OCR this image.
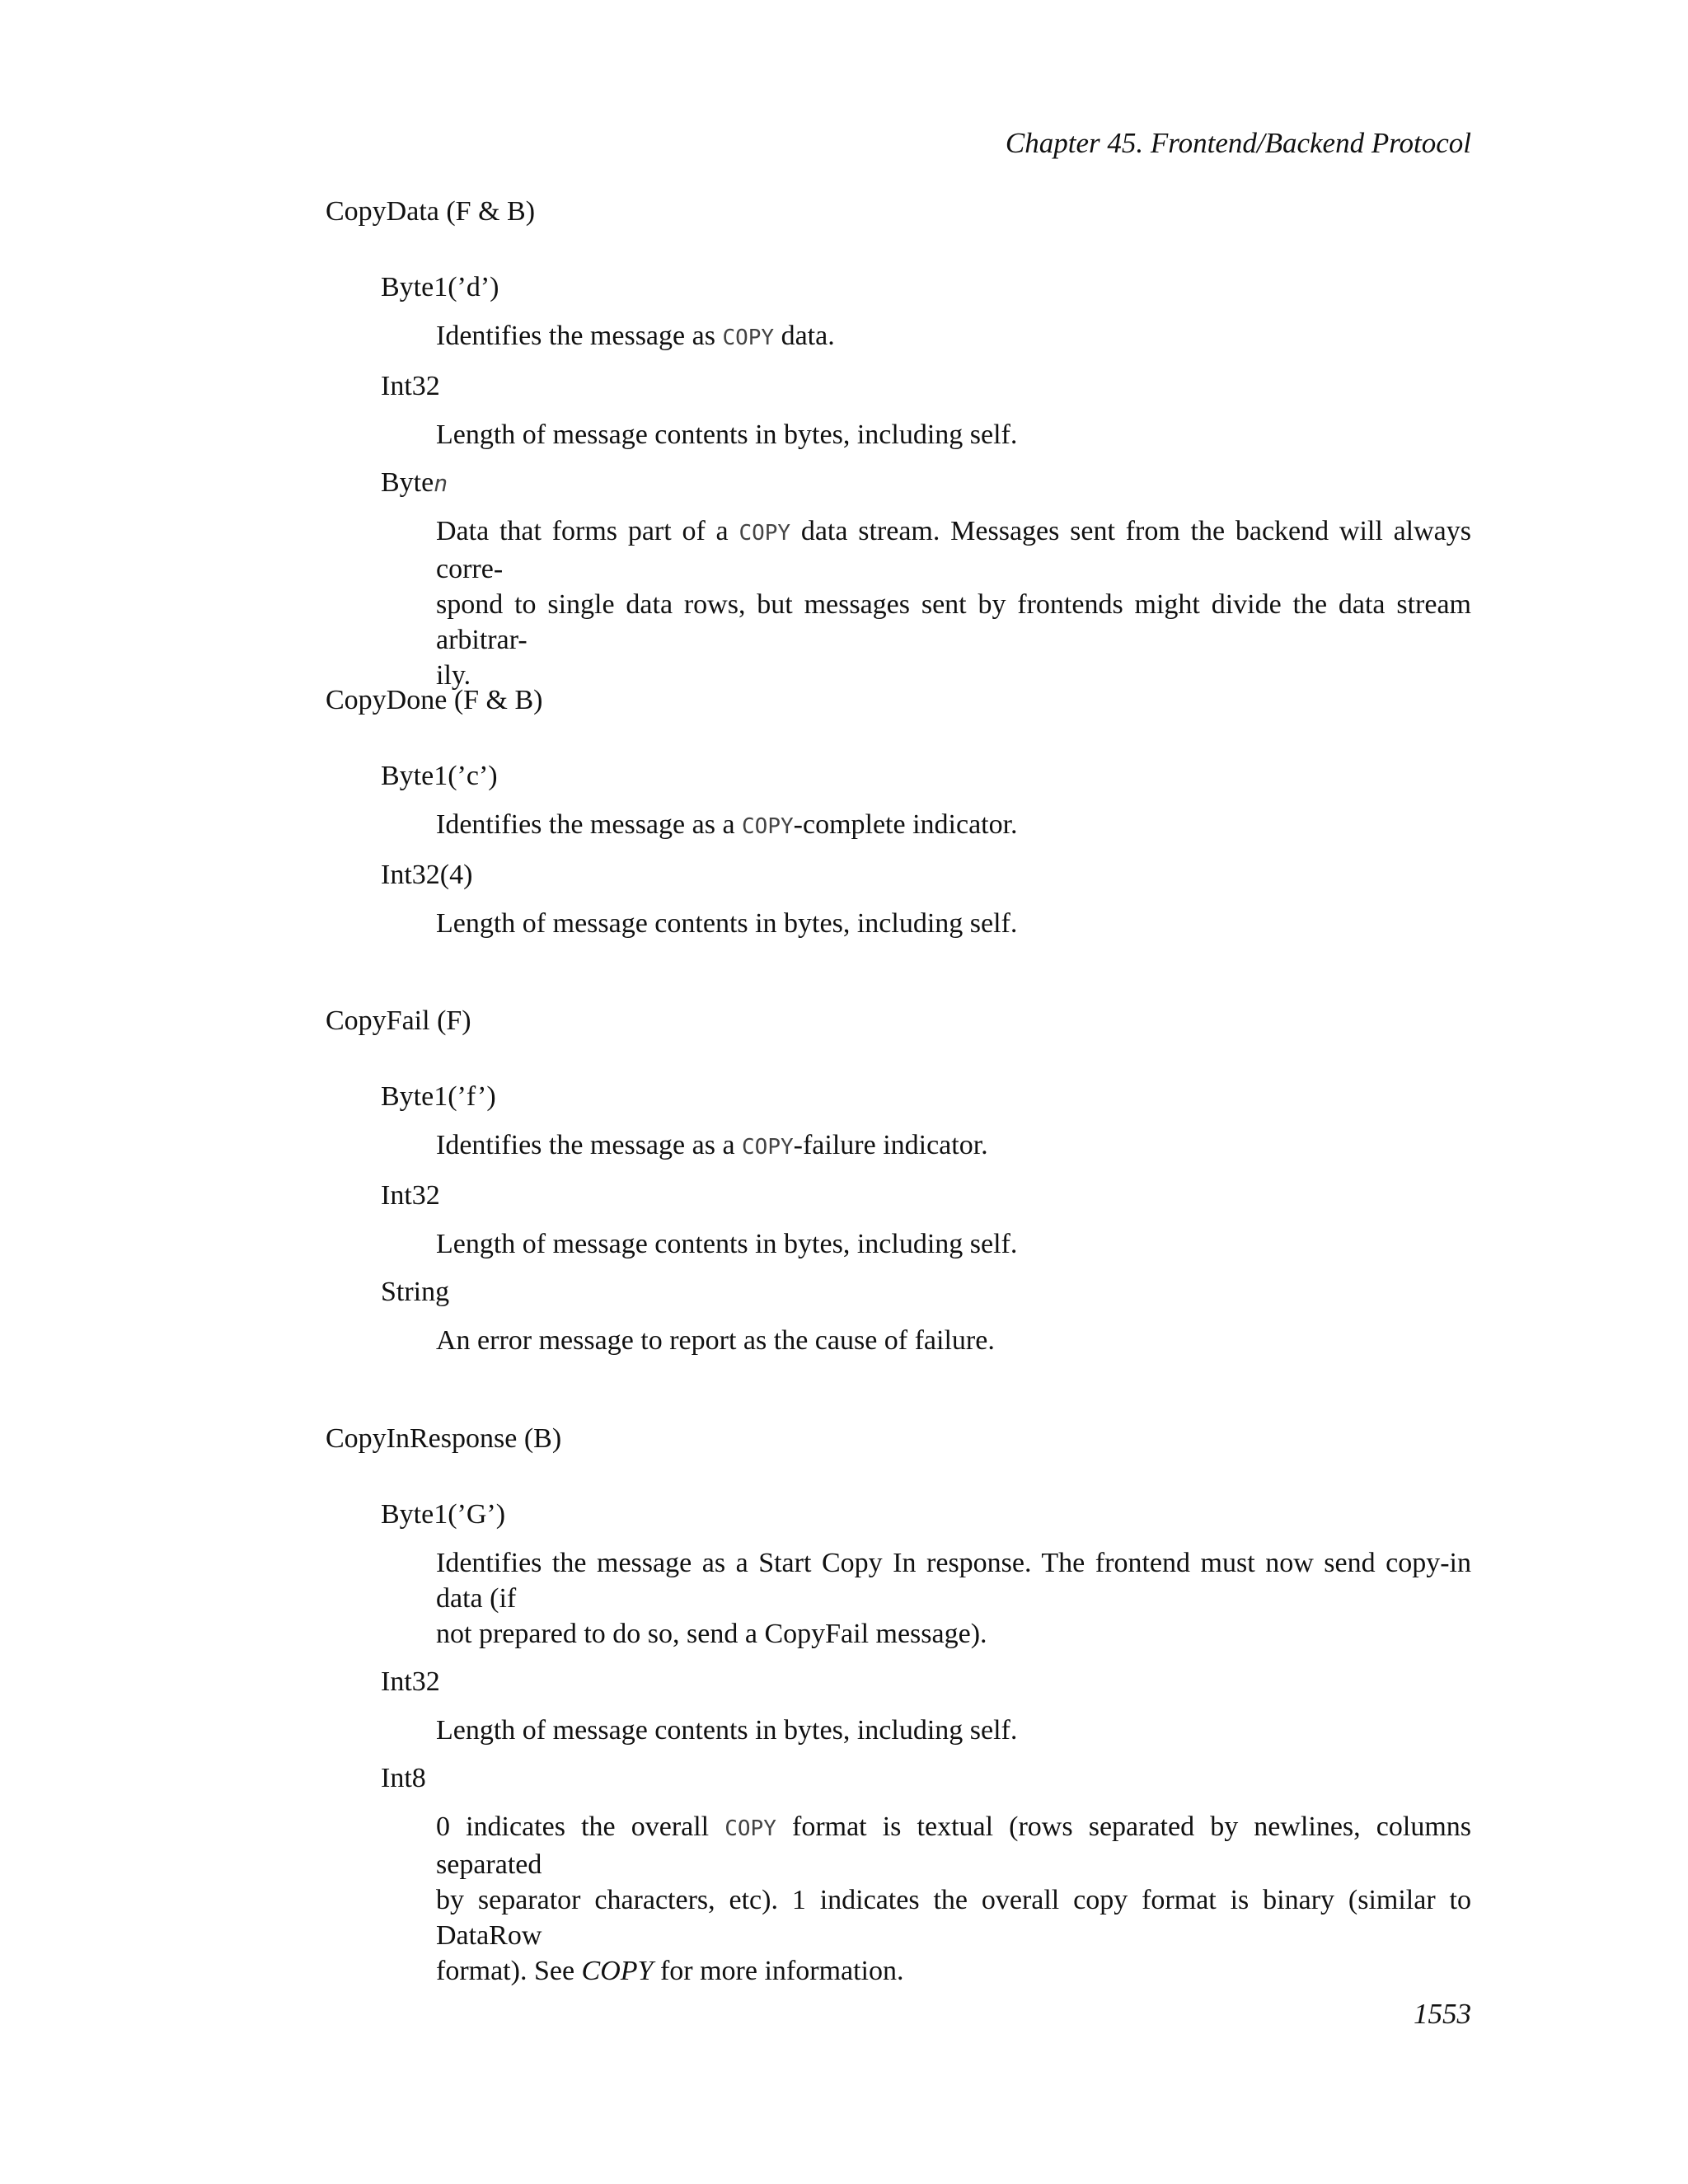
Chapter 45. Frontend/Backend Protocol
CopyData (F & B)
Byte1(’d’)
Identifies the message as COPY data.
Int32
Length of message contents in bytes, including self.
Byten
Data that forms part of a COPY data stream. Messages sent from the backend will always corre-
spond to single data rows, but messages sent by frontends might divide the data stream arbitrar-
ily.
CopyDone (F & B)
Byte1(’c’)
Identifies the message as a COPY-complete indicator.
Int32(4)
Length of message contents in bytes, including self.
CopyFail (F)
Byte1(’f’)
Identifies the message as a COPY-failure indicator.
Int32
Length of message contents in bytes, including self.
String
An error message to report as the cause of failure.
CopyInResponse (B)
Byte1(’G’)
Identifies the message as a Start Copy In response. The frontend must now send copy-in data (if
not prepared to do so, send a CopyFail message).
Int32
Length of message contents in bytes, including self.
Int8
0 indicates the overall COPY format is textual (rows separated by newlines, columns separated
by separator characters, etc). 1 indicates the overall copy format is binary (similar to DataRow
format). See COPY for more information.
1553
